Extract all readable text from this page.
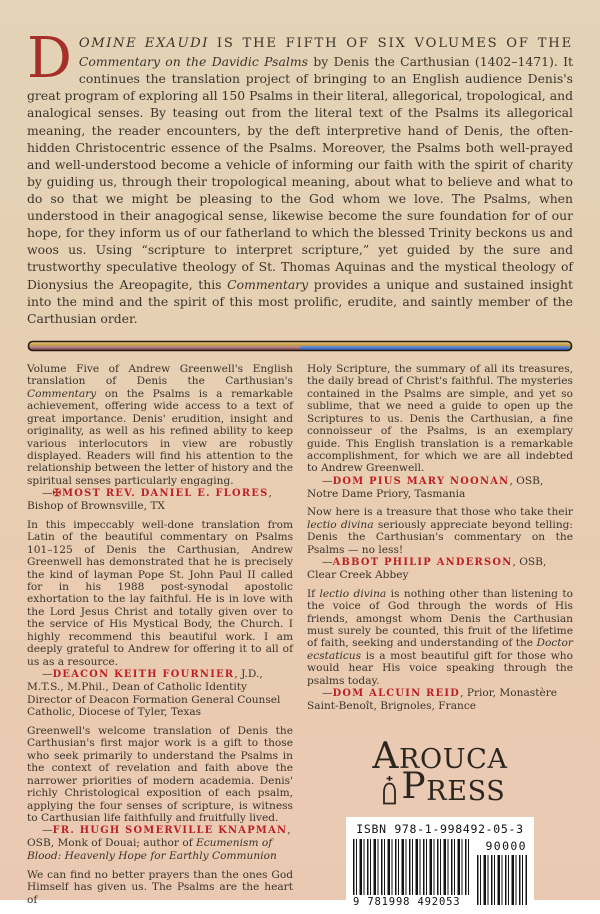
DOMINE EXAUDI IS THE FIFTH OF SIX VOLUMES OF THE Commentary on the Davidic Psalms by Denis the Carthusian (1402–1471). It continues the translation project of bringing to an English audience Denis's great program of exploring all 150 Psalms in their literal, allegorical, tropological, and analogical senses. By teasing out from the literal text of the Psalms its allegorical meaning, the reader encounters, by the deft interpretive hand of Denis, the often-hidden Christocentric essence of the Psalms. Moreover, the Psalms both well-prayed and well-understood become a vehicle of informing our faith with the spirit of charity by guiding us, through their tropological meaning, about what to believe and what to do so that we might be pleasing to the God whom we love. The Psalms, when understood in their anagogical sense, likewise become the sure foundation for of our hope, for they inform us of our fatherland to which the blessed Trinity beckons us and woos us. Using “scripture to interpret scripture,” yet guided by the sure and trustworthy speculative theology of St. Thomas Aquinas and the mystical theology of Dionysius the Areopagite, this Commentary provides a unique and sustained insight into the mind and the spirit of this most prolific, erudite, and saintly member of the Carthusian order.

Volume Five of Andrew Greenwell's English translation of Denis the Carthusian's Commentary on the Psalms is a remarkable achievement, offering wide access to a text of great importance. Denis' erudition, insight and originality, as well as his refined ability to keep various interlocutors in view are robustly displayed. Readers will find his attention to the relationship between the letter of history and the spiritual senses particularly engaging.

—✠MOST REV. DANIEL E. FLORES, Bishop of Brownsville, TX

In this impeccably well-done translation from Latin of the beautiful commentary on Psalms 101–125 of Denis the Carthusian, Andrew Greenwell has demonstrated that he is precisely the kind of layman Pope St. John Paul II called for in his 1988 post-synodal apostolic exhortation to the lay faithful. He is in love with the Lord Jesus Christ and totally given over to the service of His Mystical Body, the Church. I highly recommend this beautiful work. I am deeply grateful to Andrew for offering it to all of us as a resource.

—DEACON KEITH FOURNIER, J.D., M.T.S., M.Phil., Dean of Catholic Identity Director of Deacon Formation General Counsel Catholic, Diocese of Tyler, Texas

Greenwell's welcome translation of Denis the Carthusian's first major work is a gift to those who seek primarily to understand the Psalms in the context of revelation and faith above the narrower priorities of modern academia. Denis' richly Christological exposition of each psalm, applying the four senses of scripture, is witness to Carthusian life faithfully and fruitfully lived.

—FR. HUGH SOMERVILLE KNAPMAN, OSB, Monk of Douai; author of Ecumenism of Blood: Heavenly Hope for Earthly Communion

We can find no better prayers than the ones God Himself has given us. The Psalms are the heart of

Holy Scripture, the summary of all its treasures, the daily bread of Christ's faithful. The mysteries contained in the Psalms are simple, and yet so sublime, that we need a guide to open up the Scriptures to us. Denis the Carthusian, a fine connoisseur of the Psalms, is an exemplary guide. This English translation is a remarkable accomplishment, for which we are all indebted to Andrew Greenwell.

—DOM PIUS MARY NOONAN, OSB, Notre Dame Priory, Tasmania

Now here is a treasure that those who take their lectio divina seriously appreciate beyond telling: Denis the Carthusian's commentary on the Psalms — no less!

—ABBOT PHILIP ANDERSON, OSB, Clear Creek Abbey

If lectio divina is nothing other than listening to the voice of God through the words of His friends, amongst whom Denis the Carthusian must surely be counted, this fruit of the lifetime of faith, seeking and understanding of the Doctor ecstaticus is a most beautiful gift for those who would hear His voice speaking through the psalms today.

—DOM ALCUIN REID, Prior, Monastère Saint-Benoît, Brignoles, France

A ROUCA
P RESS
ISBN 978-1-998492-05-3
9 781998 492053
90000
